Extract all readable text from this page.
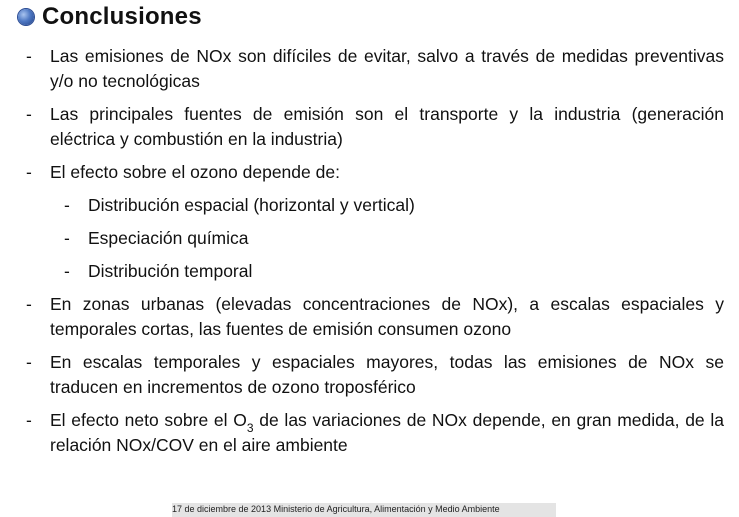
Conclusiones
- Las emisiones de NOx son difíciles de evitar, salvo a través de medidas preventivas y/o no tecnológicas
- Las principales fuentes de emisión son el transporte y la industria (generación eléctrica y combustión en la industria)
- El efecto sobre el ozono depende de:
- Distribución espacial (horizontal y vertical)
- Especiación química
- Distribución temporal
- En zonas urbanas (elevadas concentraciones de NOx), a escalas espaciales y temporales cortas, las fuentes de emisión consumen ozono
- En escalas temporales y espaciales mayores, todas las emisiones de NOx se traducen en incrementos de ozono troposférico
- El efecto neto sobre el $O_3$ de las variaciones de NOx depende, en gran medida, de la relación NOx/COV en el aire ambiente
17 de diciembre de 2013 Ministerio de Agricultura, Alimentación y Medio Ambiente
